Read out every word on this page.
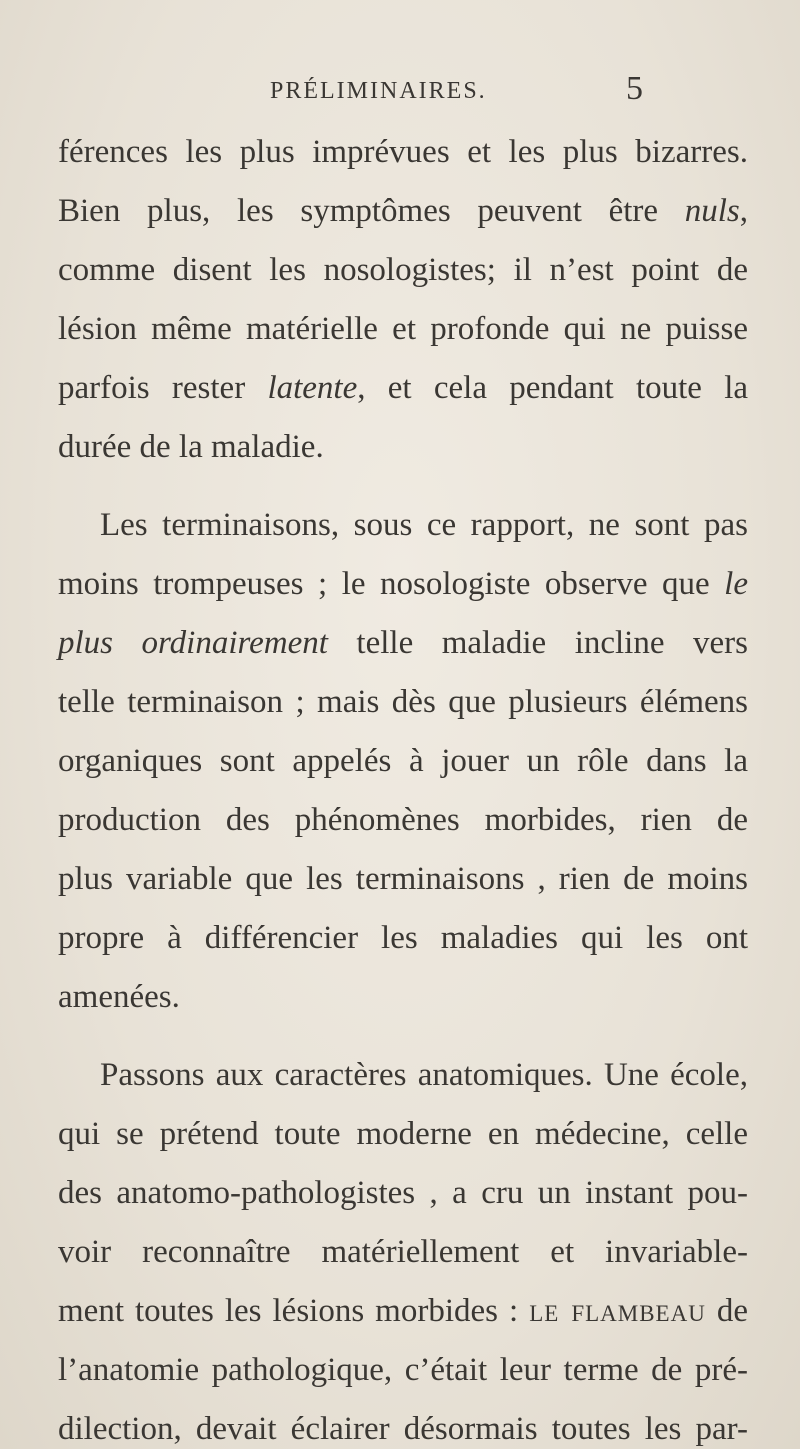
PRÉLIMINAIRES.	5
férences les plus imprévues et les plus bizarres.
Bien plus, les symptômes peuvent être nuls,
comme disent les nosologistes; il n’est point de
lésion même matérielle et profonde qui ne puisse
parfois rester latente, et cela pendant toute la
durée de la maladie.
Les terminaisons, sous ce rapport, ne sont pas
moins trompeuses ; le nosologiste observe que le
plus ordinairement telle maladie incline vers
telle terminaison ; mais dès que plusieurs élémens
organiques sont appelés à jouer un rôle dans la
production des phénomènes morbides, rien de
plus variable que les terminaisons , rien de moins
propre à différencier les maladies qui les ont
amenées.
Passons aux caractères anatomiques. Une école,
qui se prétend toute moderne en médecine, celle
des anatomo-pathologistes , a cru un instant pou-
voir reconnaître matériellement et invariable-
ment toutes les lésions morbides : le flambeau de
l’anatomie pathologique, c’était leur terme de pré-
dilection, devait éclairer désormais toutes les par-
